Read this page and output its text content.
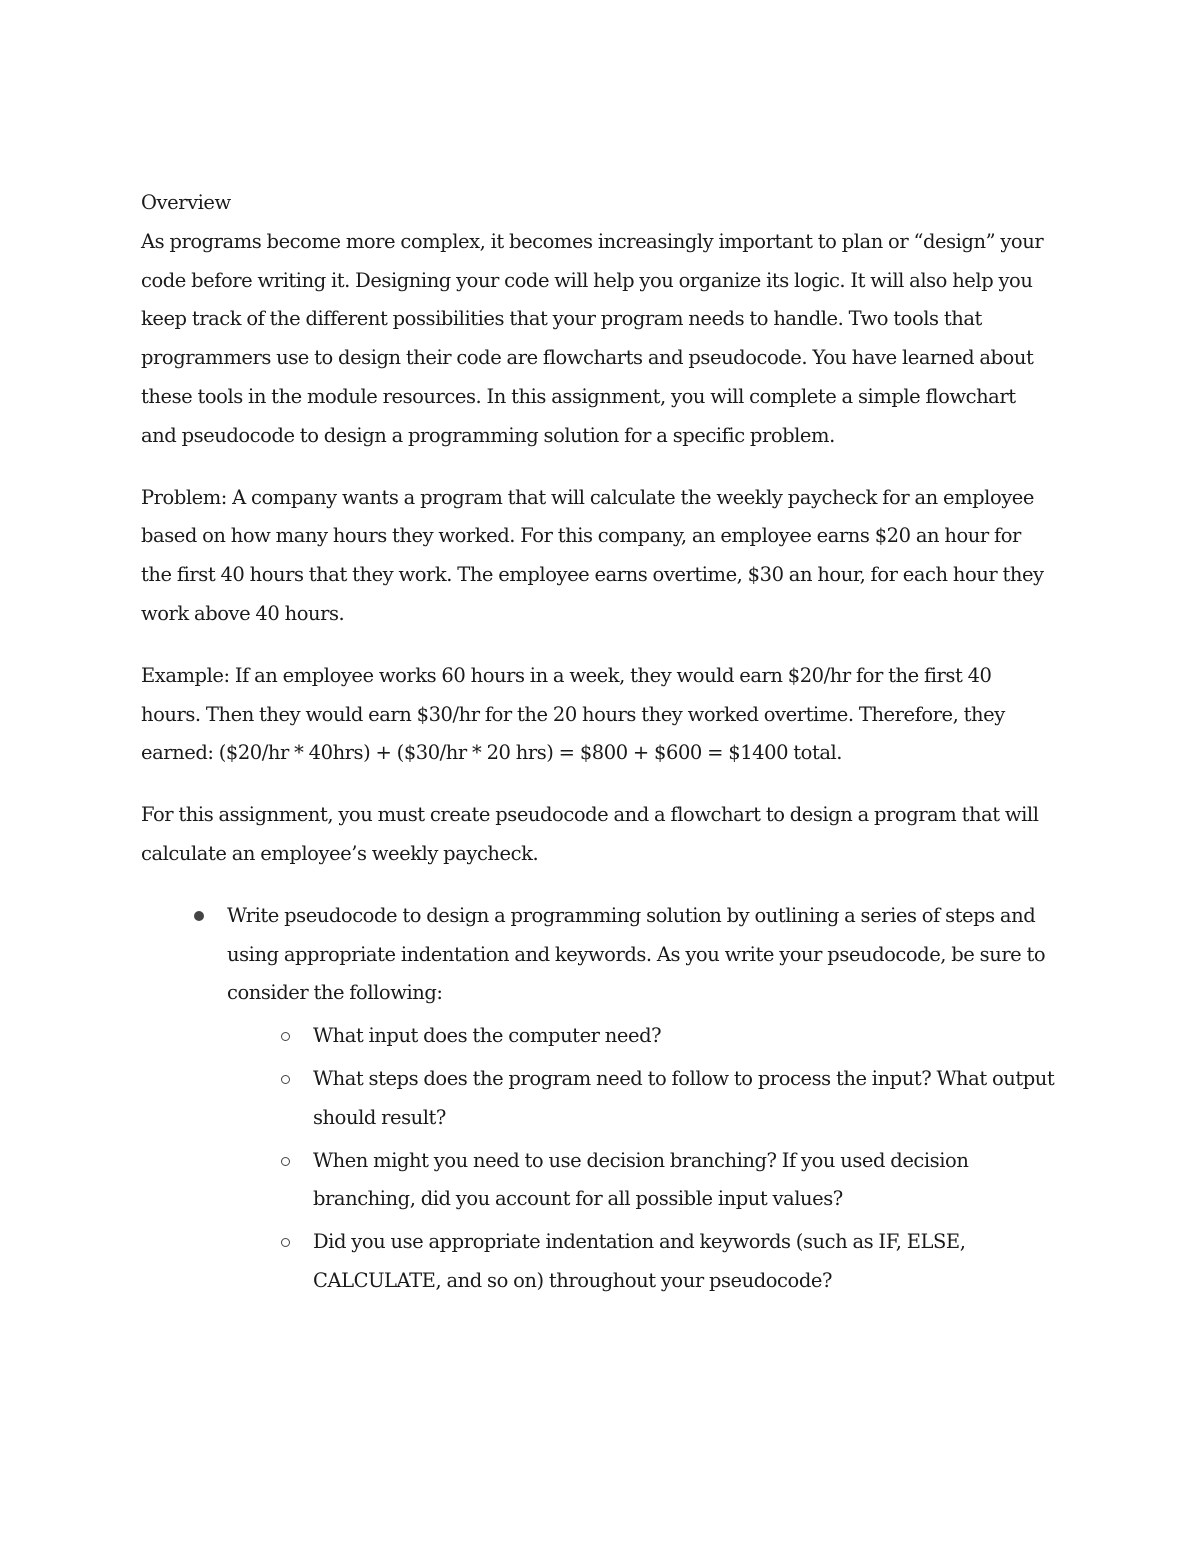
Overview

As programs become more complex, it becomes increasingly important to plan or “design” your code before writing it. Designing your code will help you organize its logic. It will also help you keep track of the different possibilities that your program needs to handle. Two tools that programmers use to design their code are flowcharts and pseudocode. You have learned about these tools in the module resources. In this assignment, you will complete a simple flowchart and pseudocode to design a programming solution for a specific problem.

Problem: A company wants a program that will calculate the weekly paycheck for an employee based on how many hours they worked. For this company, an employee earns $20 an hour for the first 40 hours that they work. The employee earns overtime, $30 an hour, for each hour they work above 40 hours.

Example: If an employee works 60 hours in a week, they would earn $20/hr for the first 40 hours. Then they would earn $30/hr for the 20 hours they worked overtime. Therefore, they earned: ($20/hr * 40hrs) + ($30/hr * 20 hrs) = $800 + $600 = $1400 total.

For this assignment, you must create pseudocode and a flowchart to design a program that will calculate an employee’s weekly paycheck.

Write pseudocode to design a programming solution by outlining a series of steps and using appropriate indentation and keywords. As you write your pseudocode, be sure to consider the following:
What input does the computer need?
What steps does the program need to follow to process the input? What output should result?
When might you need to use decision branching? If you used decision branching, did you account for all possible input values?
Did you use appropriate indentation and keywords (such as IF, ELSE, CALCULATE, and so on) throughout your pseudocode?
